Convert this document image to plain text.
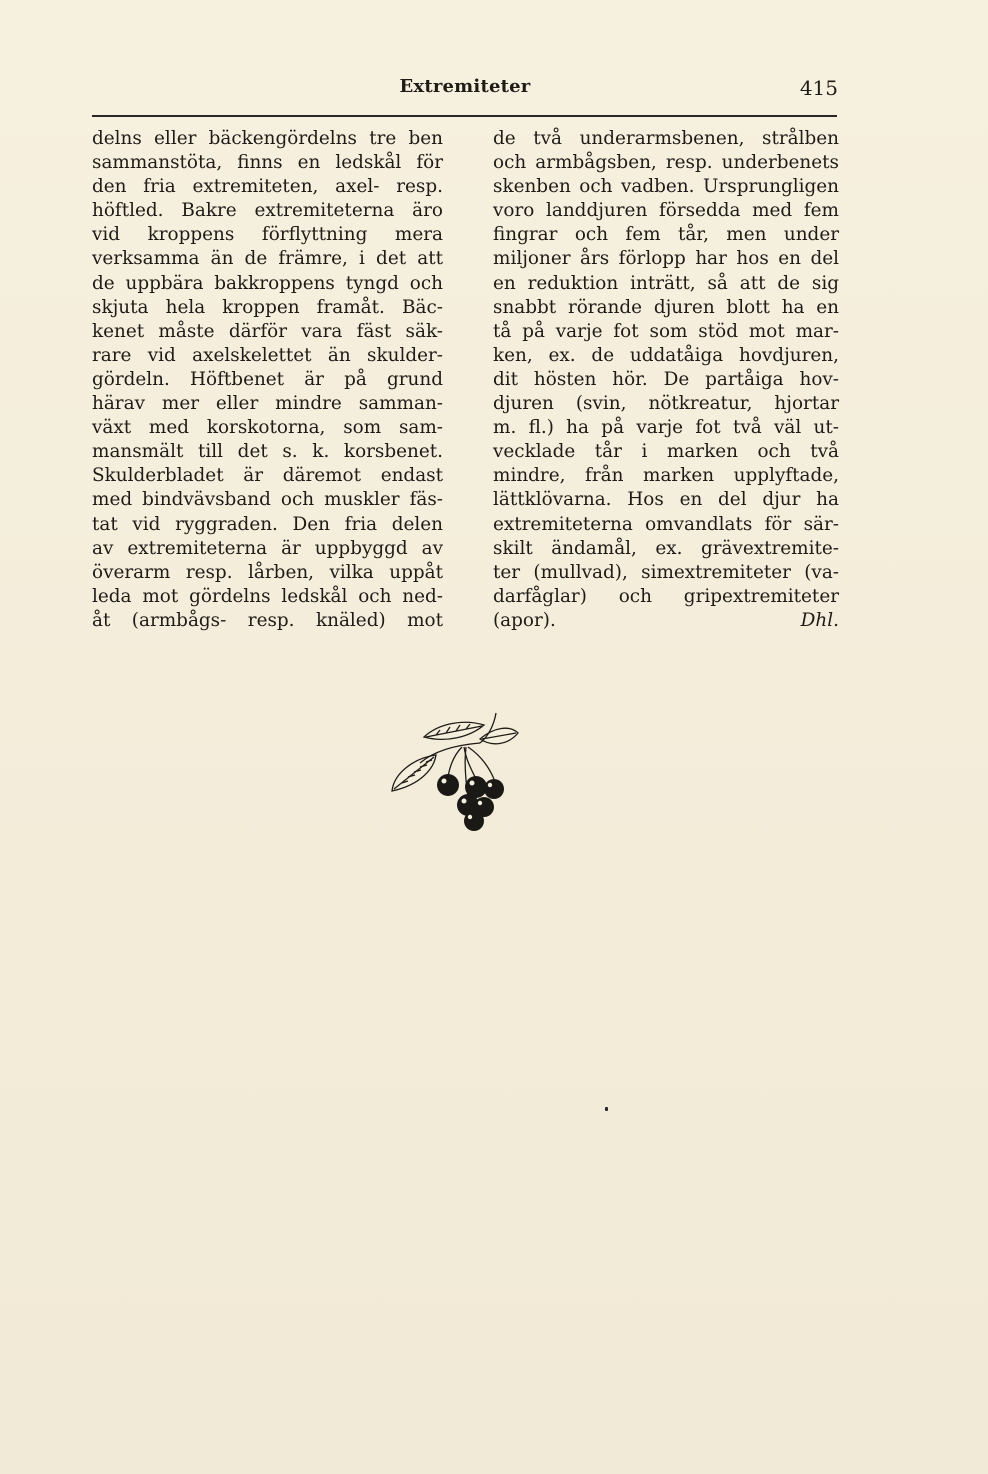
Extremiteter	415
delns eller bäckengördelns tre ben
sammanstöta, finns en ledskål för
den fria extremiteten, axel- resp.
höftled. Bakre extremiteterna äro
vid kroppens förflyttning mera
verksamma än de främre, i det att
de uppbära bakkroppens tyngd och
skjuta hela kroppen framåt. Bäc-
kenet måste därför vara fäst säk-
rare vid axelskelettet än skulder-
gördeln. Höftbenet är på grund
härav mer eller mindre samman-
växt med korskotorna, som sam-
mansmält till det s. k. korsbenet.
Skulderbladet är däremot endast
med bindvävsband och muskler fäs-
tat vid ryggraden. Den fria delen
av extremiteterna är uppbyggd av
överarm resp. lårben, vilka uppåt
leda mot gördelns ledskål och ned-
åt (armbågs- resp. knäled) mot
de två underarmsbenen, strålben
och armbågsben, resp. underbenets
skenben och vadben. Ursprungligen
voro landdjuren försedda med fem
fingrar och fem tår, men under
miljoner års förlopp har hos en del
en reduktion inträtt, så att de sig
snabbt rörande djuren blott ha en
tå på varje fot som stöd mot mar-
ken, ex. de uddatåiga hovdjuren,
dit hösten hör. De partåiga hov-
djuren (svin, nötkreatur, hjortar
m. fl.) ha på varje fot två väl ut-
vecklade tår i marken och två
mindre, från marken upplyftade,
lättklövarna. Hos en del djur ha
extremiteterna omvandlats för sär-
skilt ändamål, ex. grävextremite-
ter (mullvad), simextremiteter (va-
darfåglar) och gripextremiteter
(apor).	Dhl.
